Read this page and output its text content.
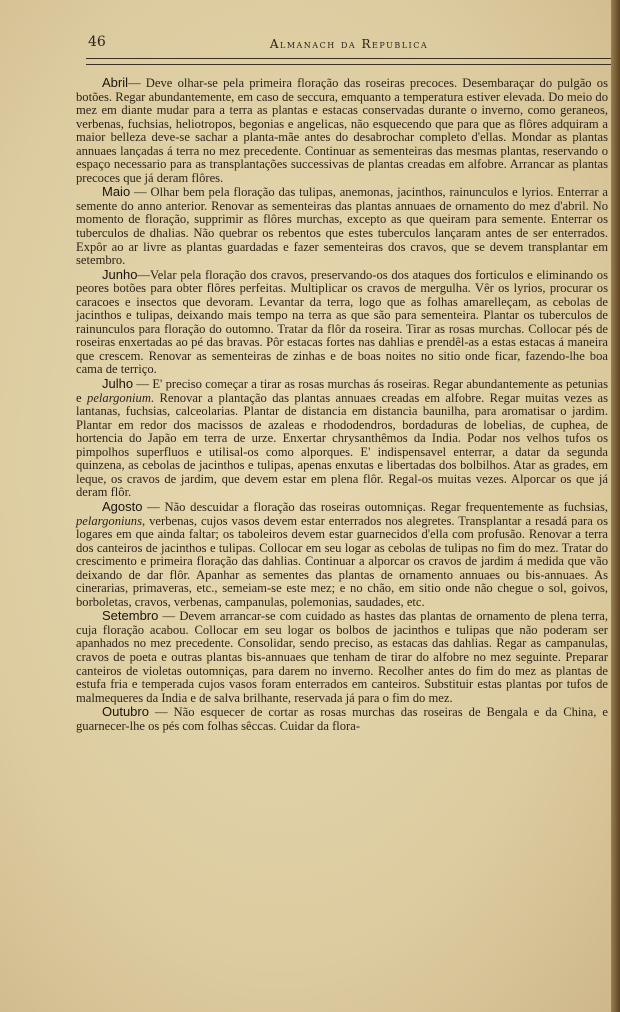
46	Almanach da Republica

Abril— Deve olhar-se pela primeira floração das roseiras precoces. Desembaraçar do pulgão os botões. Regar abundantemente, em caso de seccura, emquanto a temperatura estiver elevada. Do meio do mez em diante mudar para a terra as plantas e estacas conservadas durante o inverno, como geraneos, verbenas, fuchsias, heliotropos, begonias e angelicas, não esquecendo que para que as flôres adquiram a maior belleza deve-se sachar a planta-mãe antes do desabrochar completo d'ellas. Mondar as plantas annuaes lançadas á terra no mez precedente. Continuar as sementeiras das mesmas plantas, reservando o espaço necessario para as transplantações successivas de plantas creadas em alfobre. Arrancar as plantas precoces que já deram flôres.

Maio — Olhar bem pela floração das tulipas, anemonas, jacinthos, rainunculos e lyrios. Enterrar a semente do anno anterior. Renovar as sementeiras das plantas annuaes de ornamento do mez d'abril. No momento de floração, supprimir as flôres murchas, excepto as que queiram para semente. Enterrar os tuberculos de dhalias. Não quebrar os rebentos que estes tuberculos lançaram antes de ser enterrados. Expôr ao ar livre as plantas guardadas e fazer sementeiras dos cravos, que se devem transplantar em setembro.

Junho—Velar pela floração dos cravos, preservando-os dos ataques dos forticulos e eliminando os peores botões para obter flôres perfeitas. Multiplicar os cravos de mergulha. Vêr os lyrios, procurar os caracoes e insectos que devoram. Levantar da terra, logo que as folhas amarelleçam, as cebolas de jacinthos e tulipas, deixando mais tempo na terra as que são para sementeira. Plantar os tuberculos de rainunculos para floração do outomno. Tratar da flôr da roseira. Tirar as rosas murchas. Collocar pés de roseiras enxertadas ao pé das bravas. Pôr estacas fortes nas dahlias e prendêl-as a estas estacas á maneira que crescem. Renovar as sementeiras de zinhas e de boas noites no sitio onde ficar, fazendo-lhe boa cama de terriço.

Julho — E' preciso começar a tirar as rosas murchas ás roseiras. Regar abundantemente as petunias e pelargonium. Renovar a plantação das plantas annuaes creadas em alfobre. Regar muitas vezes as lantanas, fuchsias, calceolarias. Plantar de distancia em distancia baunilha, para aromatisar o jardim. Plantar em redor dos macissos de azaleas e rhododendros, bordaduras de lobelias, de cuphea, de hortencia do Japão em terra de urze. Enxertar chrysanthêmos da India. Podar nos velhos tufos os pimpolhos superfluos e utilisal-os como alporques. E' indispensavel enterrar, a datar da segunda quinzena, as cebolas de jacinthos e tulipas, apenas enxutas e libertadas dos bolbilhos. Atar as grades, em leque, os cravos de jardim, que devem estar em plena flôr. Regal-os muitas vezes. Alporcar os que já deram flôr.

Agosto — Não descuidar a floração das roseiras outomniças. Regar frequentemente as fuchsias, pelargoniuns, verbenas, cujos vasos devem estar enterrados nos alegretes. Transplantar a resadá para os logares em que ainda faltar; os taboleiros devem estar guarnecidos d'ella com profusão. Renovar a terra dos canteiros de jacinthos e tulipas. Collocar em seu logar as cebolas de tulipas no fim do mez. Tratar do crescimento e primeira floração das dahlias. Continuar a alporcar os cravos de jardim á medida que vão deixando de dar flôr. Apanhar as sementes das plantas de ornamento annuaes ou bis-annuaes. As cinerarias, primaveras, etc., semeiam-se este mez; e no chão, em sitio onde não chegue o sol, goivos, borboletas, cravos, verbenas, campanulas, polemonias, saudades, etc.

Setembro — Devem arrancar-se com cuidado as hastes das plantas de ornamento de plena terra, cuja floração acabou. Collocar em seu logar os bolbos de jacinthos e tulipas que não poderam ser apanhados no mez precedente. Consolidar, sendo preciso, as estacas das dahlias. Regar as campanulas, cravos de poeta e outras plantas bis-annuaes que tenham de tirar do alfobre no mez seguinte. Preparar canteiros de violetas outomniças, para darem no inverno. Recolher antes do fim do mez as plantas de estufa fria e temperada cujos vasos foram enterrados em canteiros. Substituir estas plantas por tufos de malmequeres da India e de salva brilhante, reservada já para o fim do mez.

Outubro — Não esquecer de cortar as rosas murchas das roseiras de Bengala e da China, e guarnecer-lhe os pés com folhas sêccas. Cuidar da flora-
